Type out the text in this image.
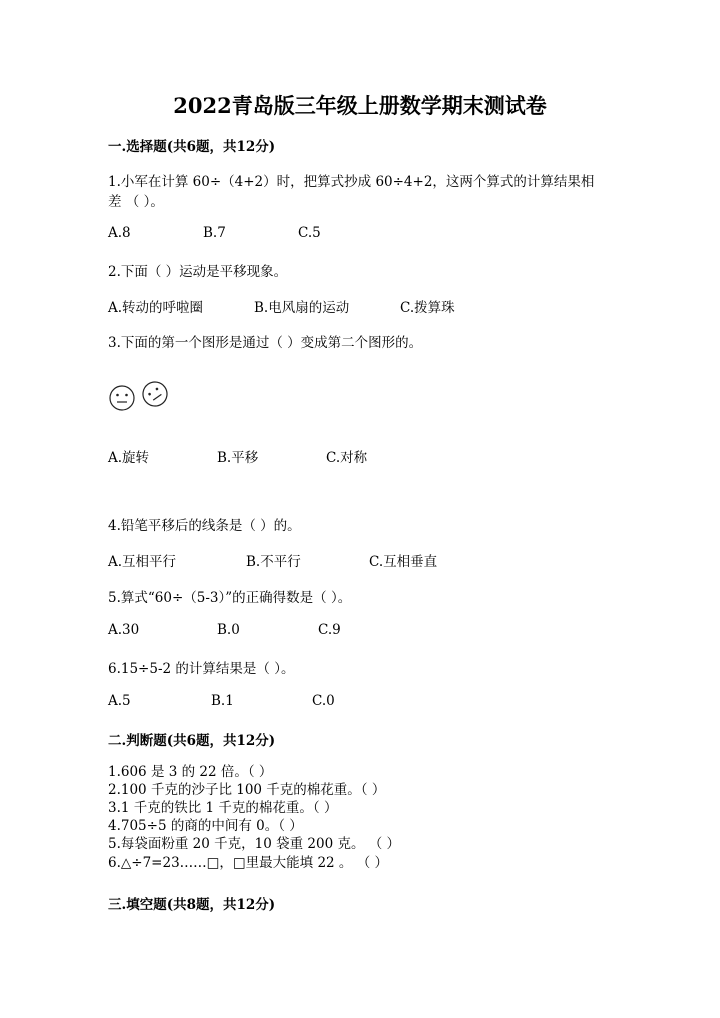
2022青岛版三年级上册数学期末测试卷
一.选择题(共6题，共12分)
1.小军在计算 60÷（4+2）时，把算式抄成 60÷4+2，这两个算式的计算结果相
差 （ ）。
A.8	B.7	C.5
2.下面（ ）运动是平移现象。
A.转动的呼啦圈	B.电风扇的运动	C.拨算珠
3.下面的第一个图形是通过（ ）变成第二个图形的。
A.旋转	B.平移	C.对称
4.铅笔平移后的线条是（ ）的。
A.互相平行	B.不平行	C.互相垂直
5.算式“60÷（5-3）”的正确得数是（ ）。
A.30	B.0	C.9
6.15÷5-2 的计算结果是（ ）。
A.5	B.1	C.0
二.判断题(共6题，共12分)
1.606 是 3 的 22 倍。（ ）
2.100 千克的沙子比 100 千克的棉花重。（ ）
3.1 千克的铁比 1 千克的棉花重。（ ）
4.705÷5 的商的中间有 0。（ ）
5.每袋面粉重 20 千克，10 袋重 200 克。 （ ）
6.△÷7=23……□，□里最大能填 22 。 （ ）
三.填空题(共8题，共12分)
